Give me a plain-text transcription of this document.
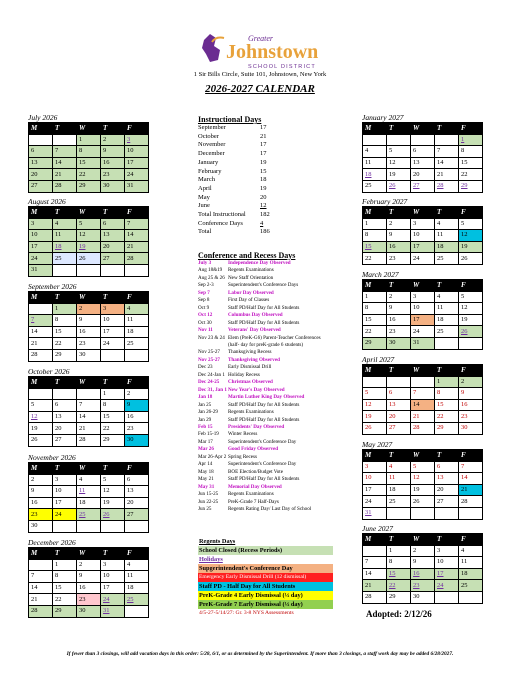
Greater
Johnstown
SCHOOL DISTRICT
1 Sir Bills Circle, Suite 101, Johnstown, New York
2026-2027 CALENDAR
July 2026
M	T	W	T	F
		1	2	3
6	7	8	9	10
13	14	15	16	17
20	21	22	23	24
27	28	29	30	31
August 2026
M	T	W	T	F
3	4	5	6	7
10	11	12	13	14
17	18	19	20	21
24	25	26	27	28
31				
September 2026
M	T	W	T	F
	1	2	3	4
7	8	9	10	11
14	15	16	17	18
21	22	23	24	25
28	29	30		
October 2026
M	T	W	T	F
			1	2
5	6	7	8	9
12	13	14	15	16
19	20	21	22	23
26	27	28	29	30
November 2026
M	T	W	T	F
2	3	4	5	6
9	10	11	12	13
16	17	18	19	20
23	24	25	26	27
30				
December 2026
M	T	W	T	F
	1	2	3	4
7	8	9	10	11
14	15	16	17	18
21	22	23	24	25
28	29	30	31	
January 2027
M	T	W	T	F
				1
4	5	6	7	8
11	12	13	14	15
18	19	20	21	22
25	26	27	28	29
February 2027
M	T	W	T	F
1	2	3	4	5
8	9	10	11	12
15	16	17	18	19
22	23	24	25	26
March 2027
M	T	W	T	F
1	2	3	4	5
8	9	10	11	12
15	16	17	18	19
22	23	24	25	26
29	30	31		
April 2027
M	T	W	T	F
			1	2
5	6	7	8	9
12	13	14	15	16
19	20	21	22	23
26	27	28	29	30
May 2027
M	T	W	T	F
3	4	5	6	7
10	11	12	13	14
17	18	19	20	21
24	25	26	27	28
31				
June 2027
M	T	W	T	F
	1	2	3	4
7	8	9	10	11
14	15	16	17	18
21	22	23	24	25
28	29	30		
Instructional Days
September	17
October	21
November	17
December	17
January	19
February	15
March	18
April	19
May	20
June	12
Total Instructional	182
Conference Days	4
Total	186
Conference and Recess Days
July 3	Independence Day Observed
Aug 18&19	Regents Examinations
Aug 25 & 26 New Staff Orientation
Sep 2-3	Superintendent's Conference Days
Sep 7	Labor Day Observed
Sep 8	First Day of Classes
Oct 9	Staff PD/Half Day for All Students
Oct 12	Columbus Day Observed
Oct 30	Staff PD/Half Day for All Students
Nov 11	Veterans' Day Observed
Nov 23 & 24 Elem (PreK-G6) Parent-Teacher Conferences
(half- day for preK-grade 6 students)
Nov 25-27	Thanksgiving Recess
Nov 25-27	Thanksgiving Observed
Dec 23	Early Dismissal Drill
Dec 24-Jan 1 Holiday Recess
Dec 24-25	Christmas Observed
Dec 31, Jan 1 New Year's Day Observed
Jan 18	Martin Luther King Day Observed
Jan 25	Staff PD/Half Day for All Students
Jan 26-29	Regents Examinations
Jan 29	Staff PD/Half Day for All Students
Feb 15	Presidents' Day Observed
Feb 15-19	Winter Recess
Mar 17	Superintendent's Conference Day
Mar 26	Good Friday Observed
Mar 26-Apr 2 Spring Recess
Apr 14	Superintendent's Conference Day
May 18	BOE Election/Budget Vote
May 21	Staff PD/Half Day for All Students
May 31	Memorial Day Observed
Jun 15-25	Regents Examinations
Jun 22-25	PreK-Grade 7 Half-Days
Jun 25	Regents Rating Day/ Last Day of School
Regents Days
School Closed (Recess Periods)
Holidays
Supgerintendent's Conference Day
Emergency Early Dismissal Drill (12 dismissal)
Staff PD - Half Day for All Students
PreK-Grade 4 Early Dismissal (½ day)
PreK-Grade 7 Early Dismissal (½ day)
4/5-27-5/14/27: Gr. 3-8 NYS Assessments	Adopted: 2/12/26
If fewer than 3 closings, will add vacation days in this order: 5/28, 6/1, or as determined by the Superintendent. If more than 3 closings, a staff work day may be added 6/28/2027.
